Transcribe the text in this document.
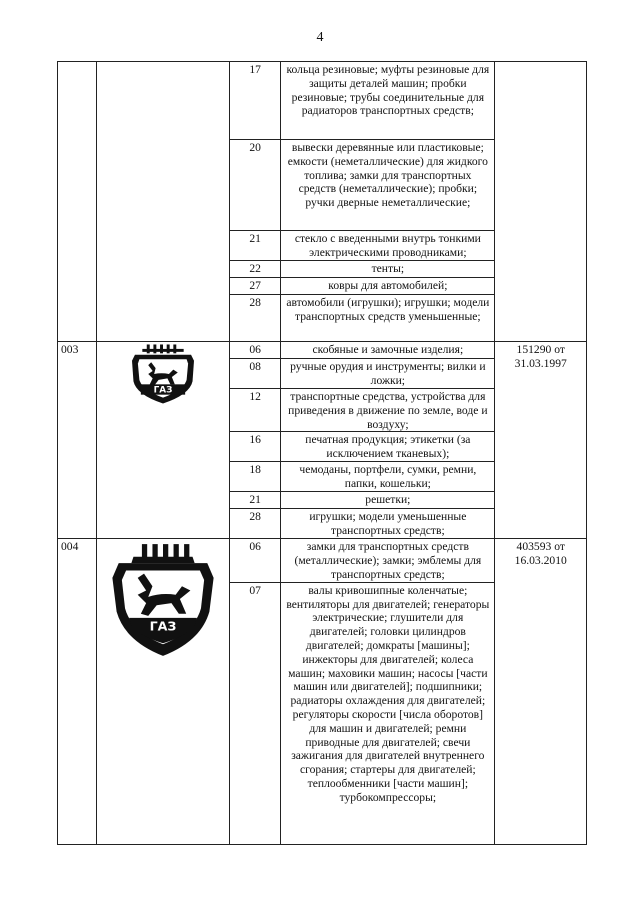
4
		17	кольца резиновые; муфты резиновые для защиты деталей машин; пробки резиновые; трубы соединительные для радиаторов транспортных средств;	
		20	вывески деревянные или пластиковые; емкости (неметаллические) для жидкого топлива; замки для транспортных средств (неметаллические); пробки; ручки дверные неметаллические;	
		21	стекло с введенными внутрь тонкими электрическими проводниками;	
		22	тенты;	
		27	ковры для автомобилей;	
		28	автомобили (игрушки); игрушки; модели транспортных средств уменьшенные;	
003	ГАЗ	06	скобяные и замочные изделия;	151290 от 31.03.1997
		08	ручные орудия и инструменты; вилки и ложки;	
		12	транспортные средства, устройства для приведения в движение по земле, воде и воздуху;	
		16	печатная продукция; этикетки (за исключением тканевых);	
		18	чемоданы, портфели, сумки, ремни, папки, кошельки;	
		21	решетки;	
		28	игрушки; модели уменьшенные транспортных средств;	
004	ГАЗ	06	замки для транспортных средств (металлические); замки; эмблемы для транспортных средств;	403593 от 16.03.2010
		07	валы кривошипные коленчатые; вентиляторы для двигателей; генераторы электрические; глушители для двигателей; головки цилиндров двигателей; домкраты [машины]; инжекторы для двигателей; колеса машин; маховики машин; насосы [части машин или двигателей]; подшипники; радиаторы охлаждения для двигателей; регуляторы скорости [числа оборотов] для машин и двигателей; ремни приводные для двигателей; свечи зажигания для двигателей внутреннего сгорания; стартеры для двигателей; теплообменники [части машин]; турбокомпрессоры;	
